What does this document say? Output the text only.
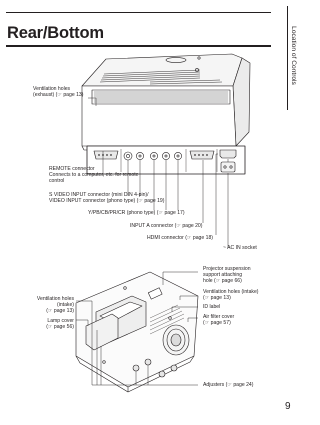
Rear/Bottom	Location of Controls
9
Ventilation holes
(exhaust) (☞ page 13)
REMOTE connector
Connects to a computer, etc. for remote
control
S VIDEO INPUT connector (mini DIN 4-pin)/
VIDEO INPUT connector (phono type) (☞ page 19)
Y/PB/CB/PR/CR (phono type) (☞ page 17)
INPUT A connector (☞ page 20)
HDMI connector (☞ page 18)
~ AC IN socket
Projector suspension
support attaching
hole (☞ page 66)
Ventilation holes (intake)
(☞ page 13)
ID label
Air filter cover
(☞ page 57)
Ventilation holes
(intake)
(☞ page 13)
Lamp cover
(☞ page 56)
Adjusters (☞ page 24)
